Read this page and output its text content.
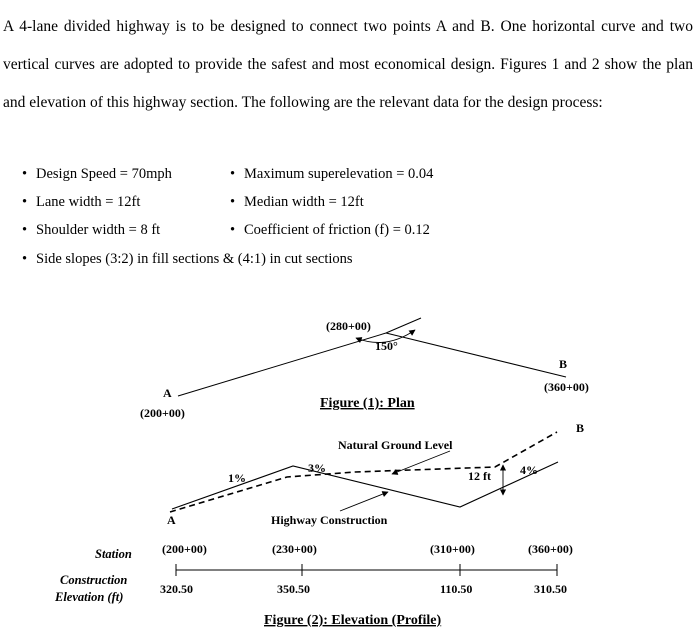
A 4-lane divided highway is to be designed to connect two points A and B. One horizontal curve and two vertical curves are adopted to provide the safest and most economical design. Figures 1 and 2 show the plan and elevation of this highway section. The following are the relevant data for the design process:

• Design Speed = 70mph
• Lane width = 12ft
• Shoulder width = 8 ft
• Side slopes (3:2) in fill sections & (4:1) in cut sections
• Maximum superelevation = 0.04
• Median width = 12ft
• Coefficient of friction (f) = 0.12
(280+00)
150°
A
(200+00)
B
(360+00)
Figure (1): Plan
Natural Ground Level
1%
3%	4%
12 ft
A
B
Highway Construction
Station
Construction
Elevation (ft)
(200+00)	(230+00)	(310+00)	(360+00)
320.50	350.50	110.50	310.50
Figure (2): Elevation (Profile)
